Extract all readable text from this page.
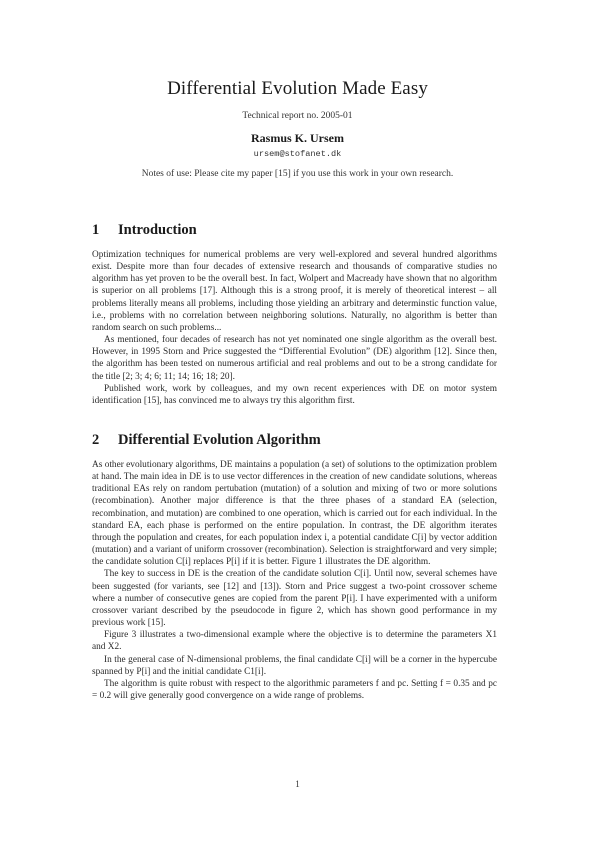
Differential Evolution Made Easy
Technical report no. 2005-01
Rasmus K. Ursem
ursem@stofanet.dk
Notes of use: Please cite my paper [15] if you use this work in your own research.
1 Introduction

Optimization techniques for numerical problems are very well-explored and several hundred algorithms exist. Despite more than four decades of extensive research and thousands of comparative studies no algorithm has yet proven to be the overall best. In fact, Wolpert and Macready have shown that no algorithm is superior on all problems [17]. Although this is a strong proof, it is merely of theoretical interest – all problems literally means all problems, including those yielding an arbitrary and determinstic function value, i.e., problems with no correlation between neighboring solutions. Naturally, no algorithm is better than random search on such problems...

As mentioned, four decades of research has not yet nominated one single algorithm as the overall best. However, in 1995 Storn and Price suggested the “Differential Evolution” (DE) algorithm [12]. Since then, the algorithm has been tested on numerous artificial and real problems and out to be a strong candidate for the title [2; 3; 4; 6; 11; 14; 16; 18; 20].

Published work, work by colleagues, and my own recent experiences with DE on motor system identification [15], has convinced me to always try this algorithm first.

2 Differential Evolution Algorithm

As other evolutionary algorithms, DE maintains a population (a set) of solutions to the optimization problem at hand. The main idea in DE is to use vector differences in the creation of new candidate solutions, whereas traditional EAs rely on random pertubation (mutation) of a solution and mixing of two or more solutions (recombination). Another major difference is that the three phases of a standard EA (selection, recombination, and mutation) are combined to one operation, which is carried out for each individual. In the standard EA, each phase is performed on the entire population. In contrast, the DE algorithm iterates through the population and creates, for each population index i, a potential candidate C[i] by vector addition (mutation) and a variant of uniform crossover (recombination). Selection is straightforward and very simple; the candidate solution C[i] replaces P[i] if it is better. Figure 1 illustrates the DE algorithm.

The key to success in DE is the creation of the candidate solution C[i]. Until now, several schemes have been suggested (for variants, see [12] and [13]). Storn and Price suggest a two-point crossover scheme where a number of consecutive genes are copied from the parent P[i]. I have experimented with a uniform crossover variant described by the pseudocode in figure 2, which has shown good performance in my previous work [15].

Figure 3 illustrates a two-dimensional example where the objective is to determine the parameters X1 and X2.

In the general case of N-dimensional problems, the final candidate C[i] will be a corner in the hypercube spanned by P[i] and the initial candidate C1[i].

The algorithm is quite robust with respect to the algorithmic parameters f and pc. Setting f = 0.35 and pc = 0.2 will give generally good convergence on a wide range of problems.

1
